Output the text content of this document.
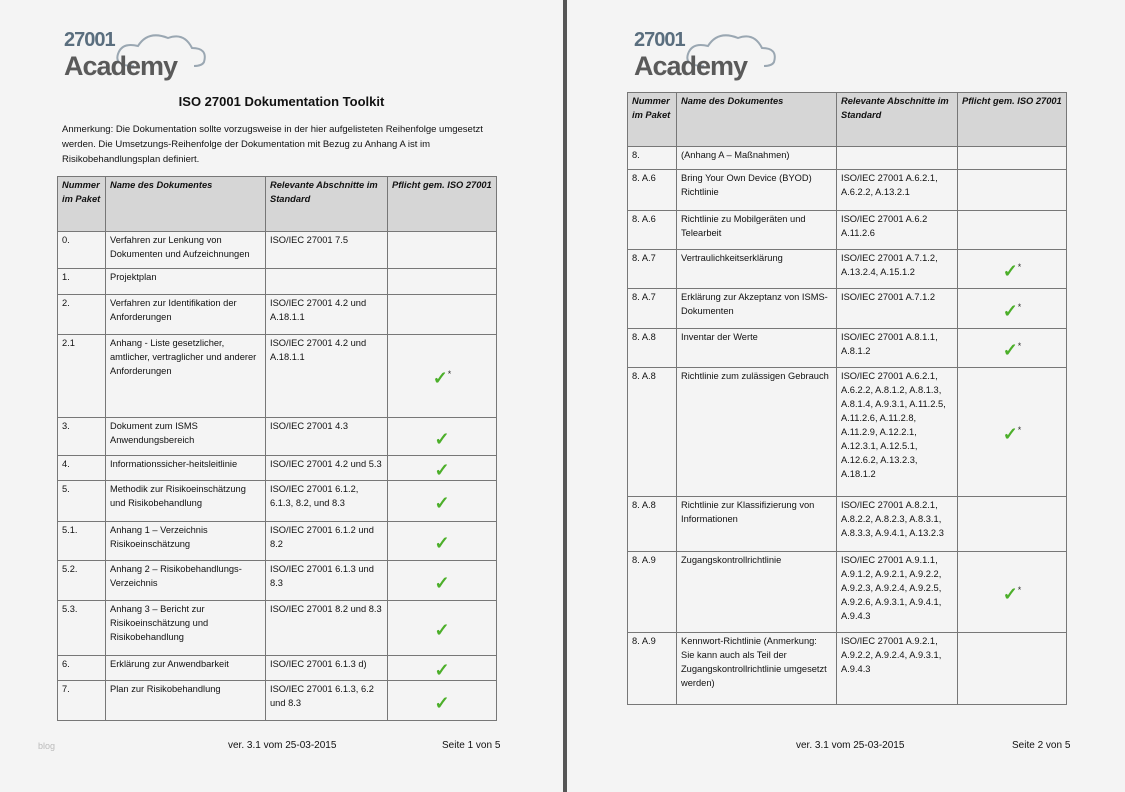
27001
Academy
ISO 27001 Dokumentation Toolkit

Anmerkung: Die Dokumentation sollte vorzugsweise in der hier aufgelisteten Reihenfolge umgesetzt werden. Die Umsetzungs-Reihenfolge der Dokumentation mit Bezug zu Anhang A ist im Risikobehandlungsplan definiert.

Nummer im Paket	Name des Dokumentes	Relevante Abschnitte im Standard	Pflicht gem. ISO 27001
0.	Verfahren zur Lenkung von Dokumenten und Aufzeichnungen	ISO/IEC 27001 7.5	
1.	Projektplan		
2.	Verfahren zur Identifikation der Anforderungen	ISO/IEC 27001 4.2 und A.18.1.1	
2.1	Anhang - Liste gesetzlicher, amtlicher, vertraglicher und anderer Anforderungen	ISO/IEC 27001 4.2 und A.18.1.1	✓*
3.	Dokument zum ISMS Anwendungsbereich	ISO/IEC 27001 4.3	✓
4.	Informationssicher-heitsleitlinie	ISO/IEC 27001 4.2 und 5.3	✓
5.	Methodik zur Risikoeinschätzung und Risikobehandlung	ISO/IEC 27001 6.1.2, 6.1.3, 8.2, und 8.3	✓
5.1.	Anhang 1 – Verzeichnis Risikoeinschätzung	ISO/IEC 27001 6.1.2 und 8.2	✓
5.2.	Anhang 2 – Risikobehandlungs-Verzeichnis	ISO/IEC 27001 6.1.3 und 8.3	✓
5.3.	Anhang 3 – Bericht zur Risikoeinschätzung und Risikobehandlung	ISO/IEC 27001 8.2 und 8.3	✓
6.	Erklärung zur Anwendbarkeit	ISO/IEC 27001 6.1.3 d)	✓
7.	Plan zur Risikobehandlung	ISO/IEC 27001 6.1.3, 6.2 und 8.3	✓
blog	ver. 3.1 vom 25-03-2015	Seite 1 von 5
27001
Academy
Nummer im Paket	Name des Dokumentes	Relevante Abschnitte im Standard	Pflicht gem. ISO 27001
8.	(Anhang A – Maßnahmen)		
8. A.6	Bring Your Own Device (BYOD) Richtlinie	ISO/IEC 27001 A.6.2.1, A.6.2.2, A.13.2.1	
8. A.6	Richtlinie zu Mobilgeräten und Telearbeit	ISO/IEC 27001 A.6.2 A.11.2.6	
8. A.7	Vertraulichkeitserklärung	ISO/IEC 27001 A.7.1.2, A.13.2.4, A.15.1.2	✓*
8. A.7	Erklärung zur Akzeptanz von ISMS-Dokumenten	ISO/IEC 27001 A.7.1.2	✓*
8. A.8	Inventar der Werte	ISO/IEC 27001 A.8.1.1, A.8.1.2	✓*
8. A.8	Richtlinie zum zulässigen Gebrauch	ISO/IEC 27001 A.6.2.1, A.6.2.2, A.8.1.2, A.8.1.3, A.8.1.4, A.9.3.1, A.11.2.5, A.11.2.6, A.11.2.8, A.11.2.9, A.12.2.1, A.12.3.1, A.12.5.1, A.12.6.2, A.13.2.3, A.18.1.2	✓*
8. A.8	Richtlinie zur Klassifizierung von Informationen	ISO/IEC 27001 A.8.2.1, A.8.2.2, A.8.2.3, A.8.3.1, A.8.3.3, A.9.4.1, A.13.2.3	
8. A.9	Zugangskontrollrichtlinie	ISO/IEC 27001 A.9.1.1, A.9.1.2, A.9.2.1, A.9.2.2, A.9.2.3, A.9.2.4, A.9.2.5, A.9.2.6, A.9.3.1, A.9.4.1, A.9.4.3	✓*
8. A.9	Kennwort-Richtlinie (Anmerkung: Sie kann auch als Teil der Zugangskontrollrichtlinie umgesetzt werden)	ISO/IEC 27001 A.9.2.1, A.9.2.2, A.9.2.4, A.9.3.1, A.9.4.3	
ver. 3.1 vom 25-03-2015	Seite 2 von 5
